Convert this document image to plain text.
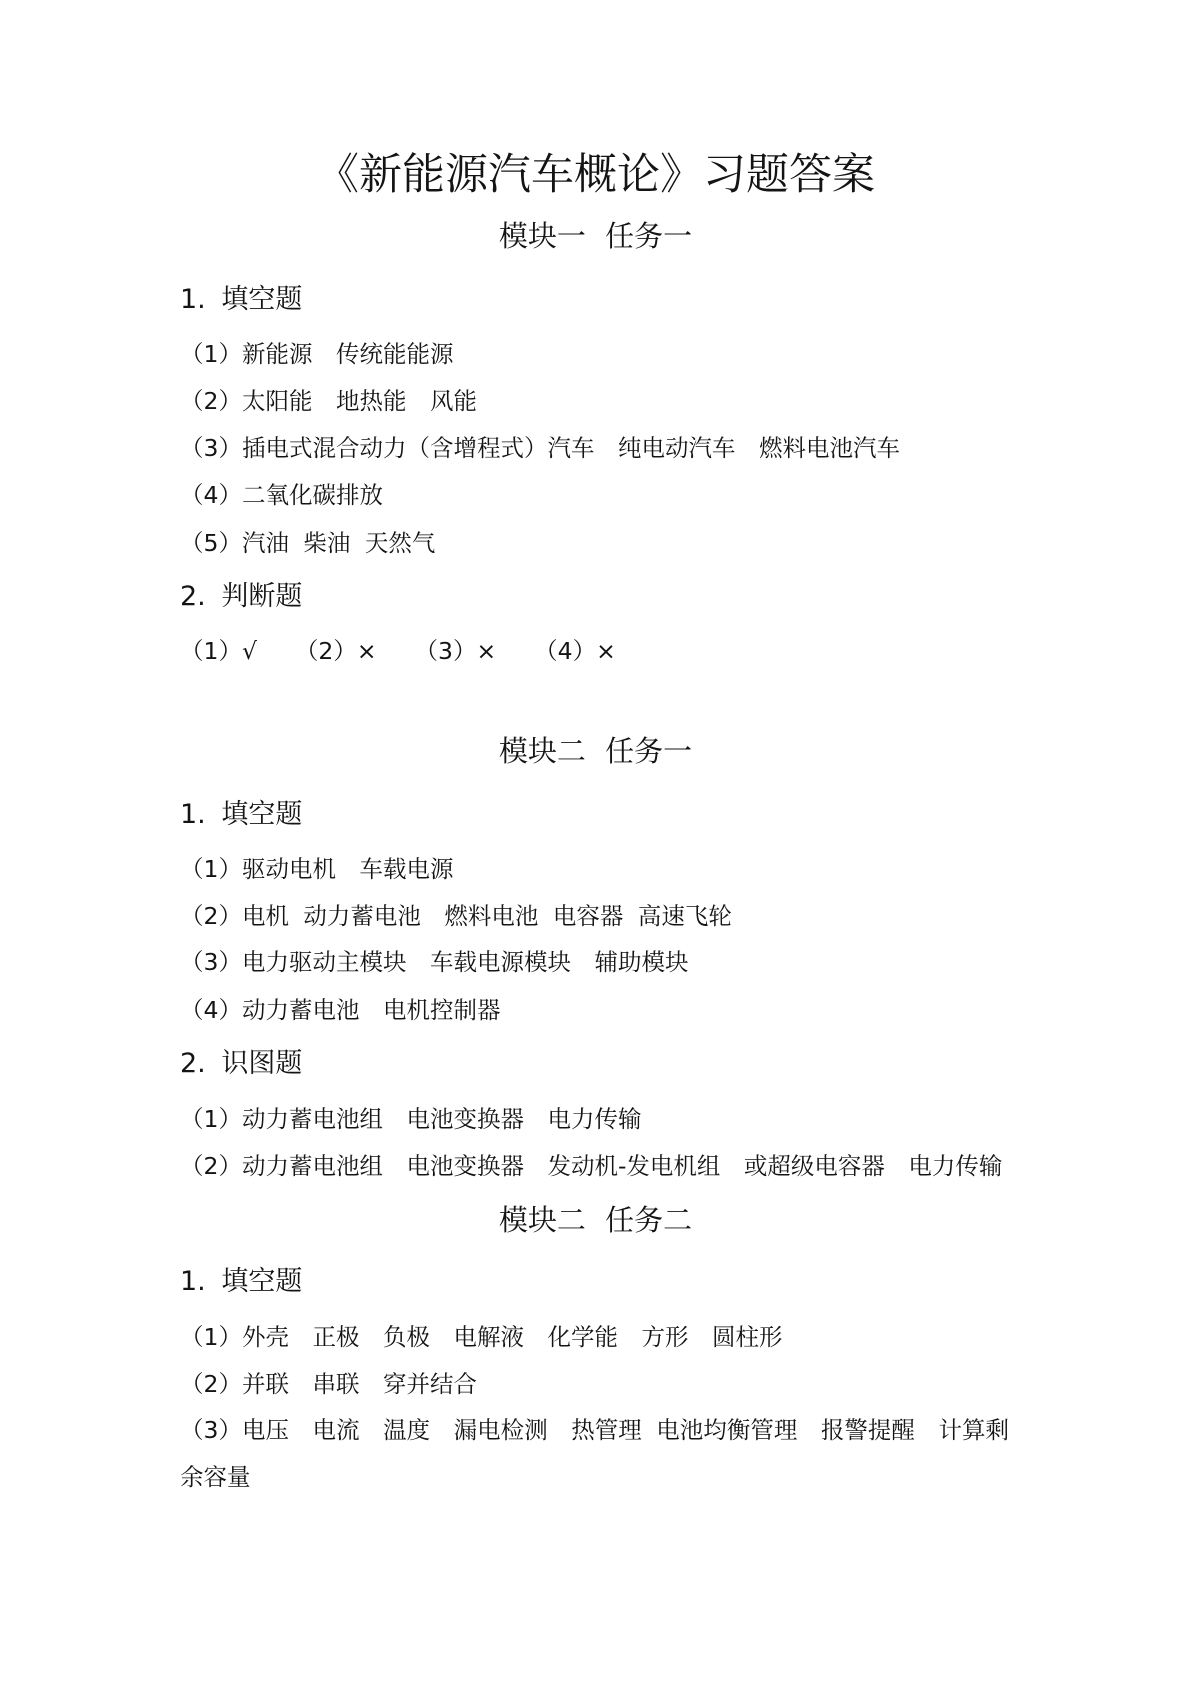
《新能源汽车概论》习题答案
模块一 任务一
1. 填空题
（1）新能源　传统能能源
（2）太阳能　地热能　风能
（3）插电式混合动力（含增程式）汽车　纯电动汽车　燃料电池汽车
（4）二氧化碳排放
（5）汽油 柴油 天然气
2. 判断题
（1）√　 （2）×　 （3）×　 （4）×
模块二 任务一
1. 填空题
（1）驱动电机　车载电源
（2）电机 动力蓄电池　燃料电池 电容器 高速飞轮
（3）电力驱动主模块　车载电源模块　辅助模块
（4）动力蓄电池　电机控制器
2. 识图题
（1）动力蓄电池组　电池变换器　电力传输
（2）动力蓄电池组　电池变换器　发动机-发电机组　或超级电容器　电力传输
模块二 任务二
1. 填空题
（1）外壳　正极　负极　电解液　化学能　方形　圆柱形
（2）并联　串联　穿并结合
（3）电压　电流　温度　漏电检测　热管理 电池均衡管理　报警提醒　计算剩
余容量
